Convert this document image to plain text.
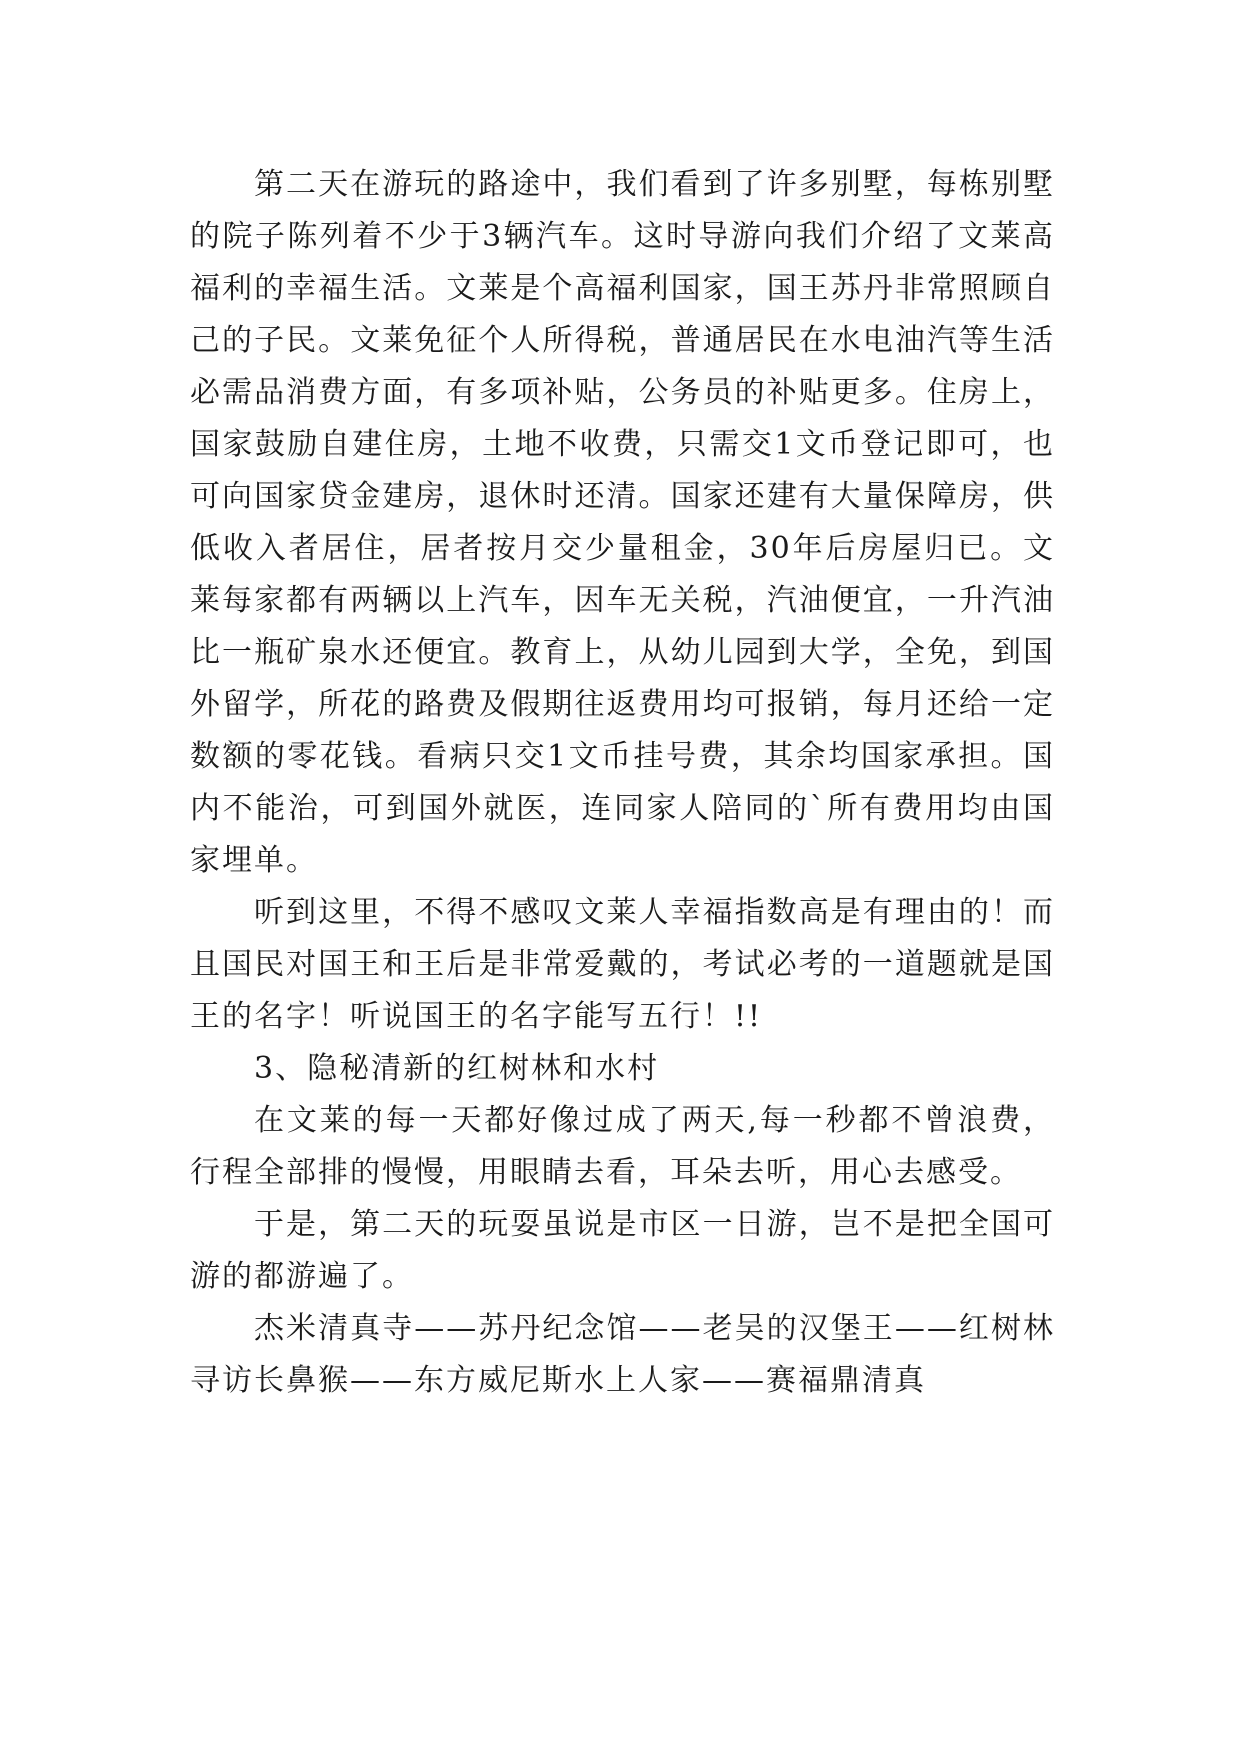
第二天在游玩的路途中，我们看到了许多别墅，每栋别墅的院子陈列着不少于3辆汽车。这时导游向我们介绍了文莱高福利的幸福生活。文莱是个高福利国家，国王苏丹非常照顾自己的子民。文莱免征个人所得税，普通居民在水电油汽等生活必需品消费方面，有多项补贴，公务员的补贴更多。住房上，国家鼓励自建住房，土地不收费，只需交1文币登记即可，也可向国家贷金建房，退休时还清。国家还建有大量保障房，供低收入者居住，居者按月交少量租金，30年后房屋归已。文莱每家都有两辆以上汽车，因车无关税，汽油便宜，一升汽油比一瓶矿泉水还便宜。教育上，从幼儿园到大学，全免，到国外留学，所花的路费及假期往返费用均可报销，每月还给一定数额的零花钱。看病只交1文币挂号费，其余均国家承担。国内不能治，可到国外就医，连同家人陪同的`所有费用均由国家埋单。

听到这里，不得不感叹文莱人幸福指数高是有理由的！而且国民对国王和王后是非常爱戴的，考试必考的一道题就是国王的名字！听说国王的名字能写五行！!!

3、隐秘清新的红树林和水村

在文莱的每一天都好像过成了两天,每一秒都不曾浪费，行程全部排的慢慢，用眼睛去看，耳朵去听，用心去感受。

于是，第二天的玩耍虽说是市区一日游，岂不是把全国可游的都游遍了。

杰米清真寺——苏丹纪念馆——老吴的汉堡王——红树林寻访长鼻猴——东方威尼斯水上人家——赛福鼎清真
